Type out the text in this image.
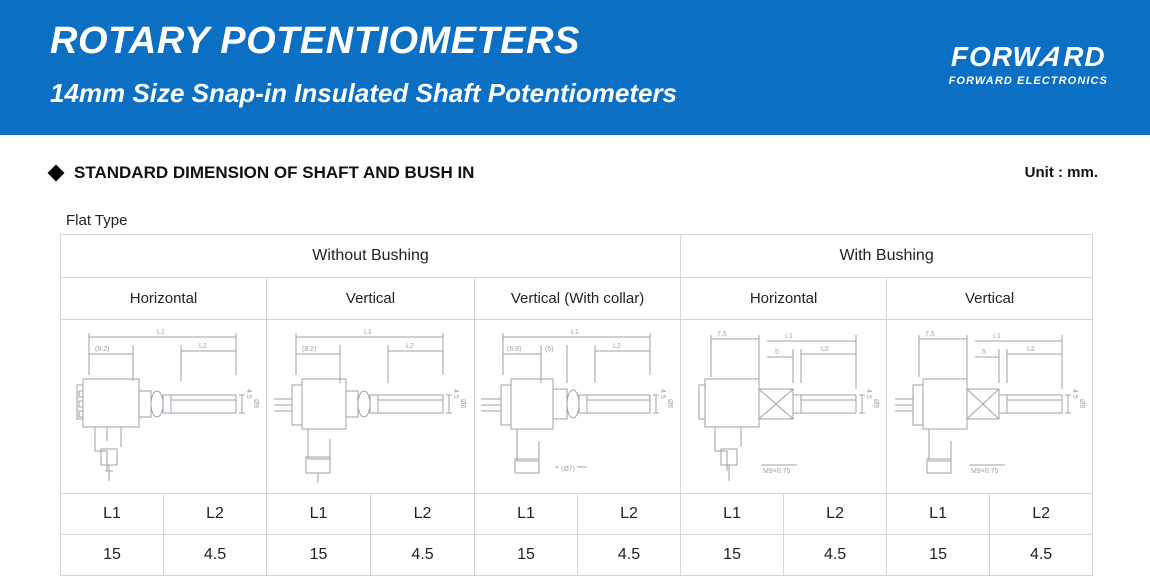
ROTARY POTENTIOMETERS
14mm Size Snap-in Insulated Shaft Potentiometers
FORWARD
FORWARD ELECTRONICS
STANDARD DIMENSION OF SHAFT AND BUSH IN	Unit : mm.
Flat Type
Without Bushing						With Bushing			
Horizontal		Vertical		Vertical (With collar)		Horizontal		Vertical	

L1
(8.2)	L2
4.5
Ø6

L1
(8.2)	L2
4.5
Ø6

L1
(6.8)	(5)	L2
4.5
Ø6
(Ø7)

7.5	L1
5	L2
4.5
Ø6
M9×0.75

7.5	L1
5	L2
4.5
Ø6
M9×0.75

L1	L2	L1	L2	L1	L2	L1	L2	L1	L2
15	4.5	15	4.5	15	4.5	15	4.5	15	4.5
